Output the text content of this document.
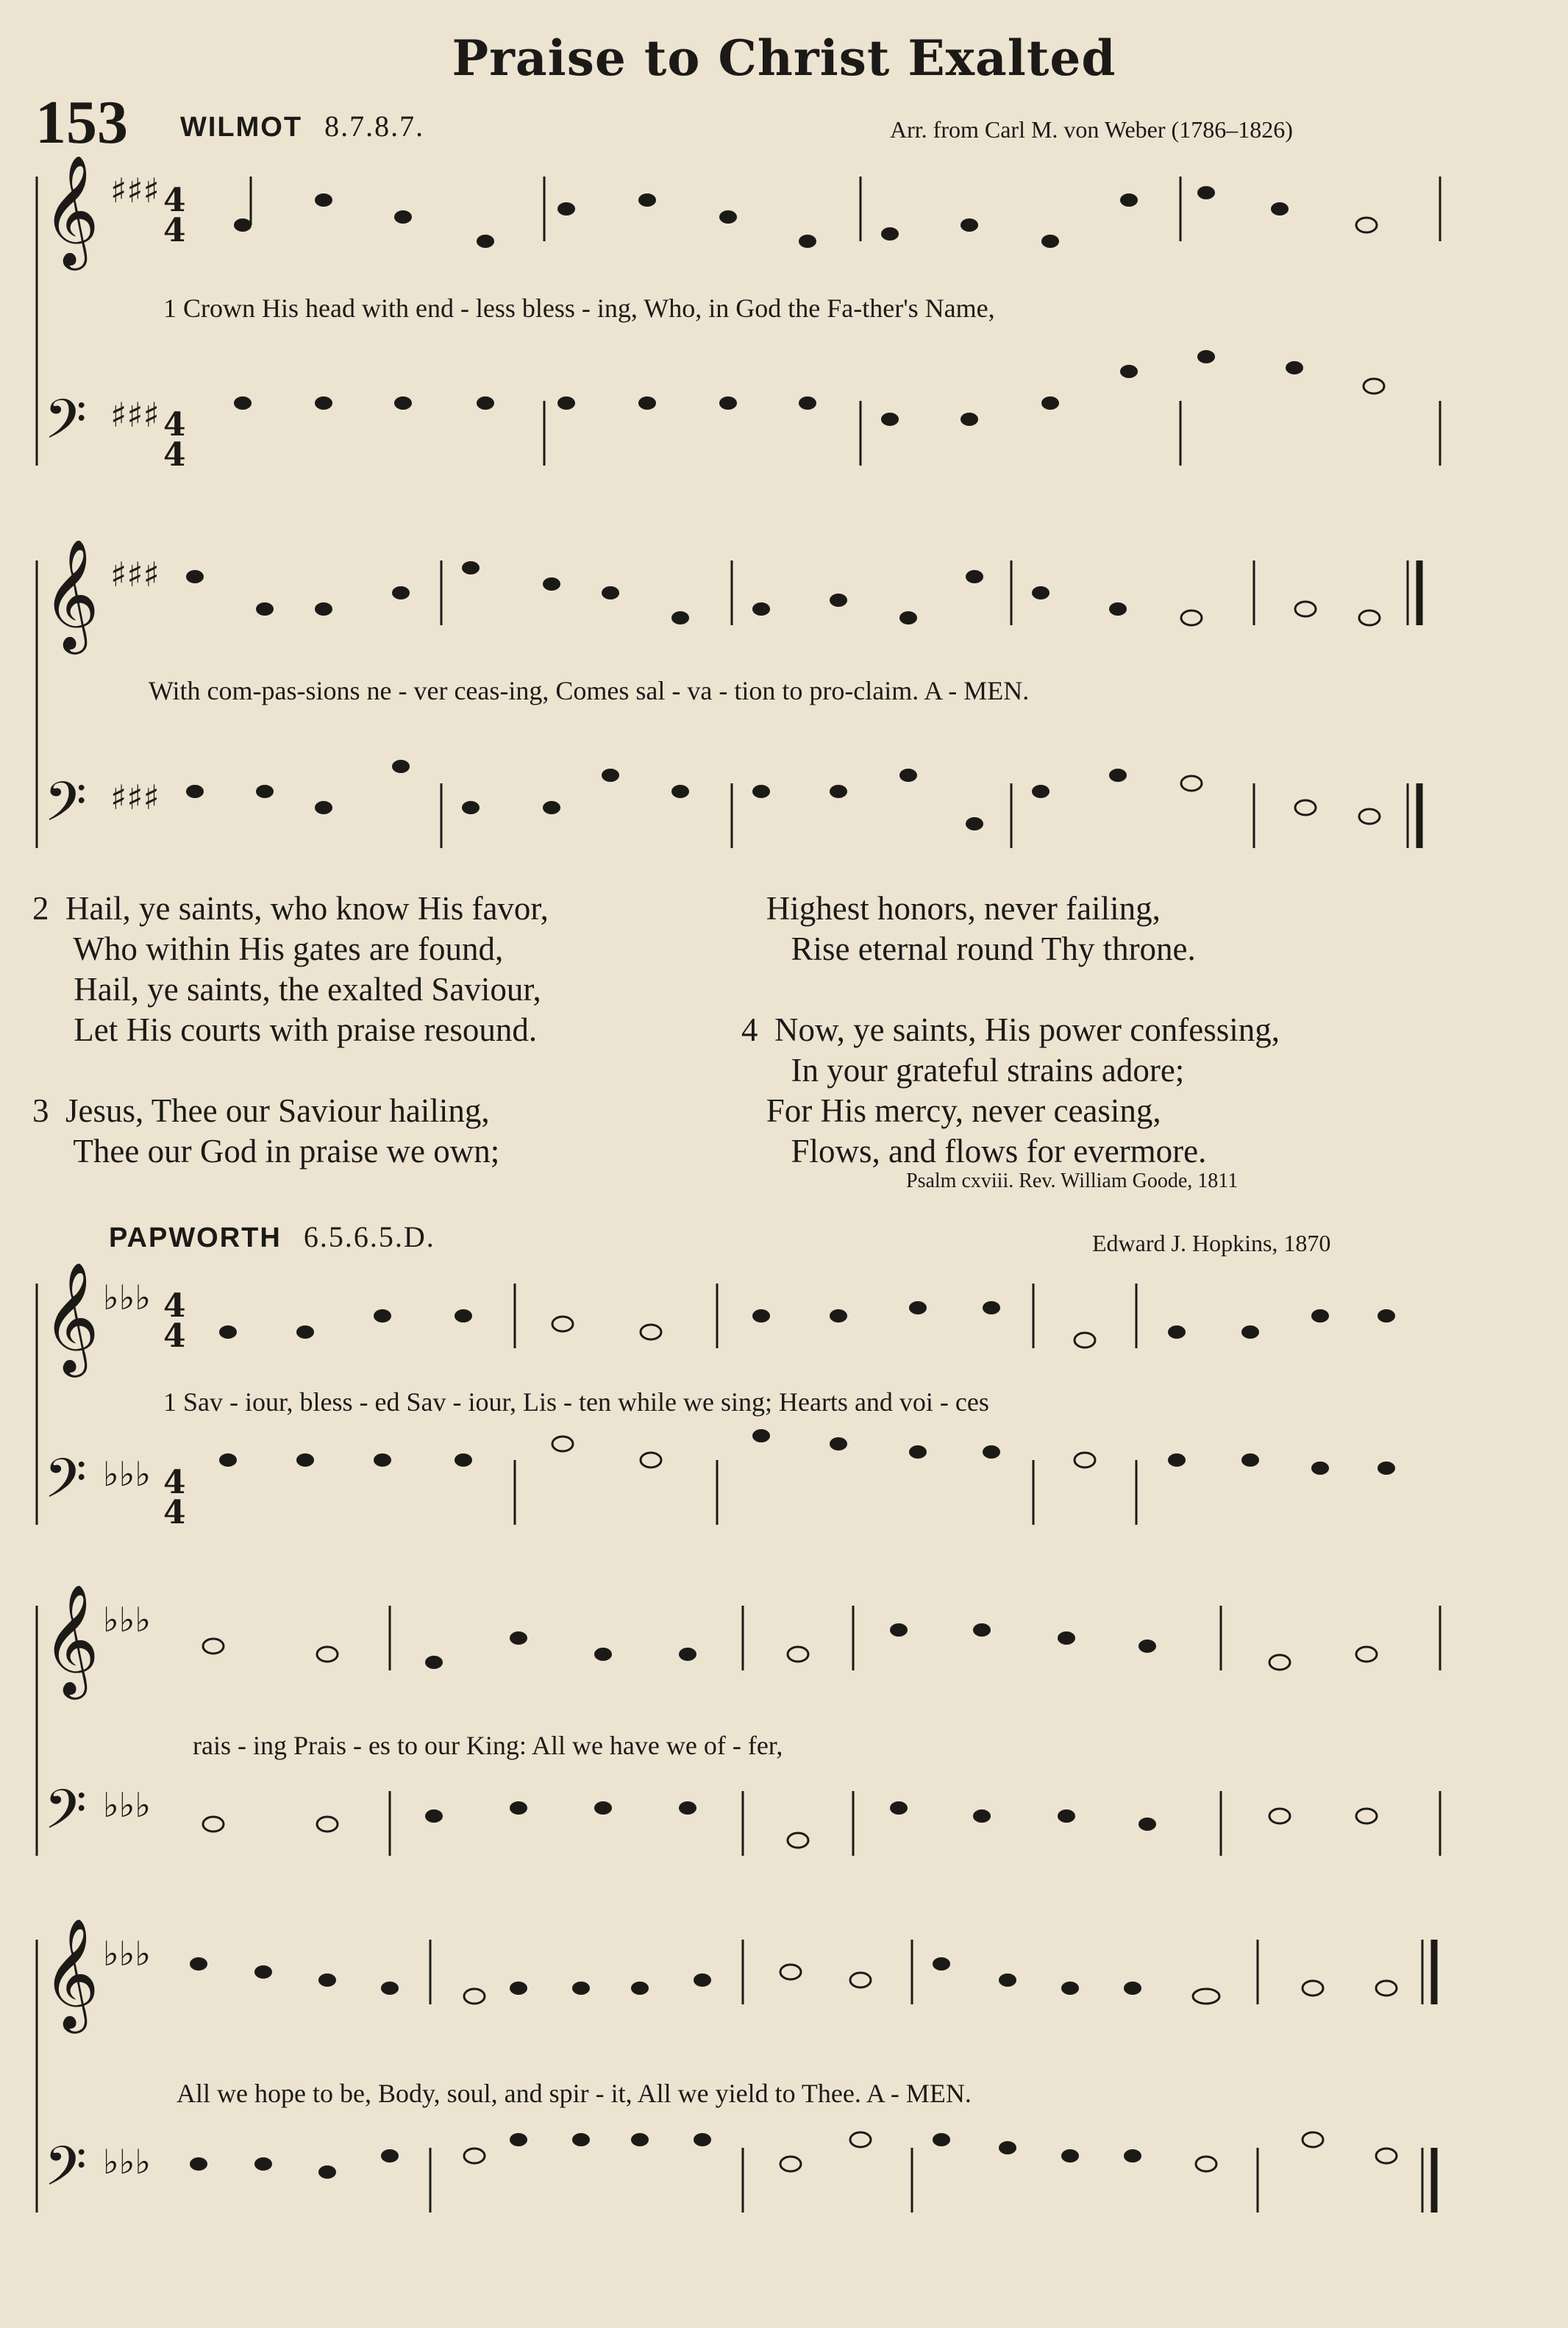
Praise to Christ Exalted
153 WILMOT 8.7.8.7.	Arr. from Carl M. von Weber (1786–1826)
𝄞
𝄢
4
4
4
4
♯♯♯
♯♯♯
𝄞
𝄢
♯♯♯
♯♯♯
𝄞
𝄢
♭♭♭
♭♭♭
4
4
4
4
𝄞
𝄢
♭♭♭
♭♭♭
𝄞
𝄢
♭♭♭
♭♭♭
1 Crown His head with end - less bless - ing, Who, in God the Fa-ther's Name,
With com-pas-sions ne - ver ceas-ing, Comes sal - va - tion to pro-claim. A - MEN.
2  Hail, ye saints, who know His favor,
Who within His gates are found,
Hail, ye saints, the exalted Saviour,
Let His courts with praise resound.

3  Jesus, Thee our Saviour hailing,
Thee our God in praise we own;
Highest honors, never failing,
Rise eternal round Thy throne.

4  Now, ye saints, His power confessing,
In your grateful strains adore;
For His mercy, never ceasing,
Flows, and flows for evermore.
Psalm cxviii. Rev. William Goode, 1811
PAPWORTH 6.5.6.5.D.	Edward J. Hopkins, 1870
1 Sav - iour, bless - ed Sav - iour, Lis - ten while we sing; Hearts and voi - ces
rais - ing Prais - es to our King: All we have we of - fer,
All we hope to be, Body, soul, and spir - it, All we yield to Thee. A - MEN.
